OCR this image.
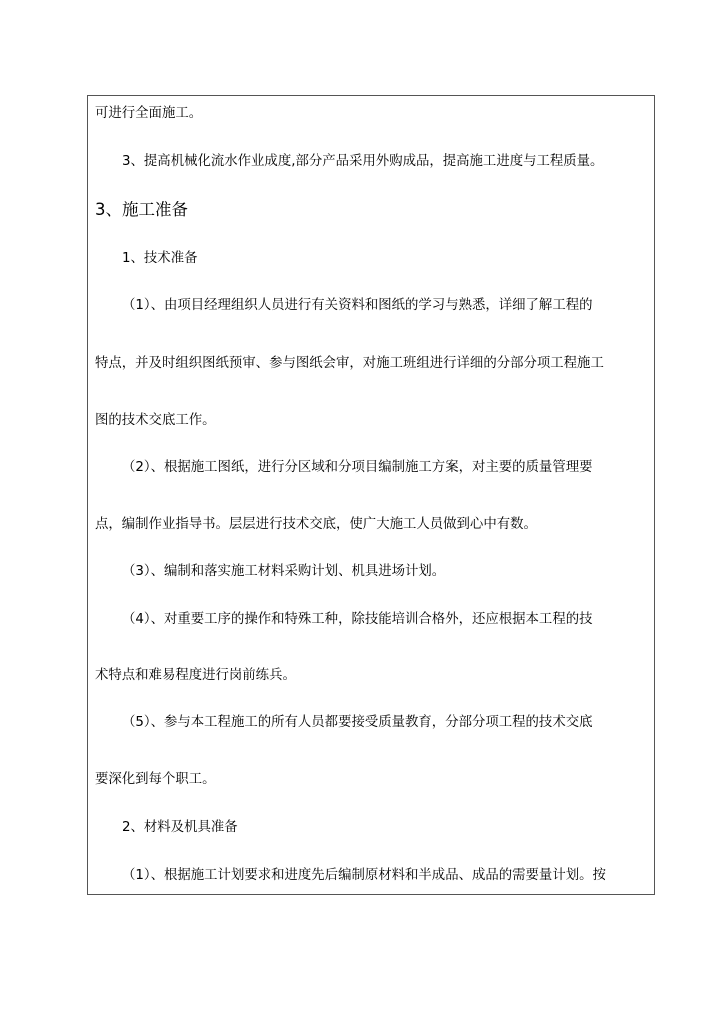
可进行全面施工。
3、提高机械化流水作业成度,部分产品采用外购成品，提高施工进度与工程质量。
3、施工准备
1、技术准备
（1）、由项目经理组织人员进行有关资料和图纸的学习与熟悉，详细了解工程的
特点，并及时组织图纸预审、参与图纸会审，对施工班组进行详细的分部分项工程施工
图的技术交底工作。
（2）、根据施工图纸，进行分区域和分项目编制施工方案，对主要的质量管理要
点，编制作业指导书。层层进行技术交底，使广大施工人员做到心中有数。
（3）、编制和落实施工材料采购计划、机具进场计划。
（4）、对重要工序的操作和特殊工种，除技能培训合格外，还应根据本工程的技
术特点和难易程度进行岗前练兵。
（5）、参与本工程施工的所有人员都要接受质量教育，分部分项工程的技术交底
要深化到每个职工。
2、材料及机具准备
（1）、根据施工计划要求和进度先后编制原材料和半成品、成品的需要量计划。按
